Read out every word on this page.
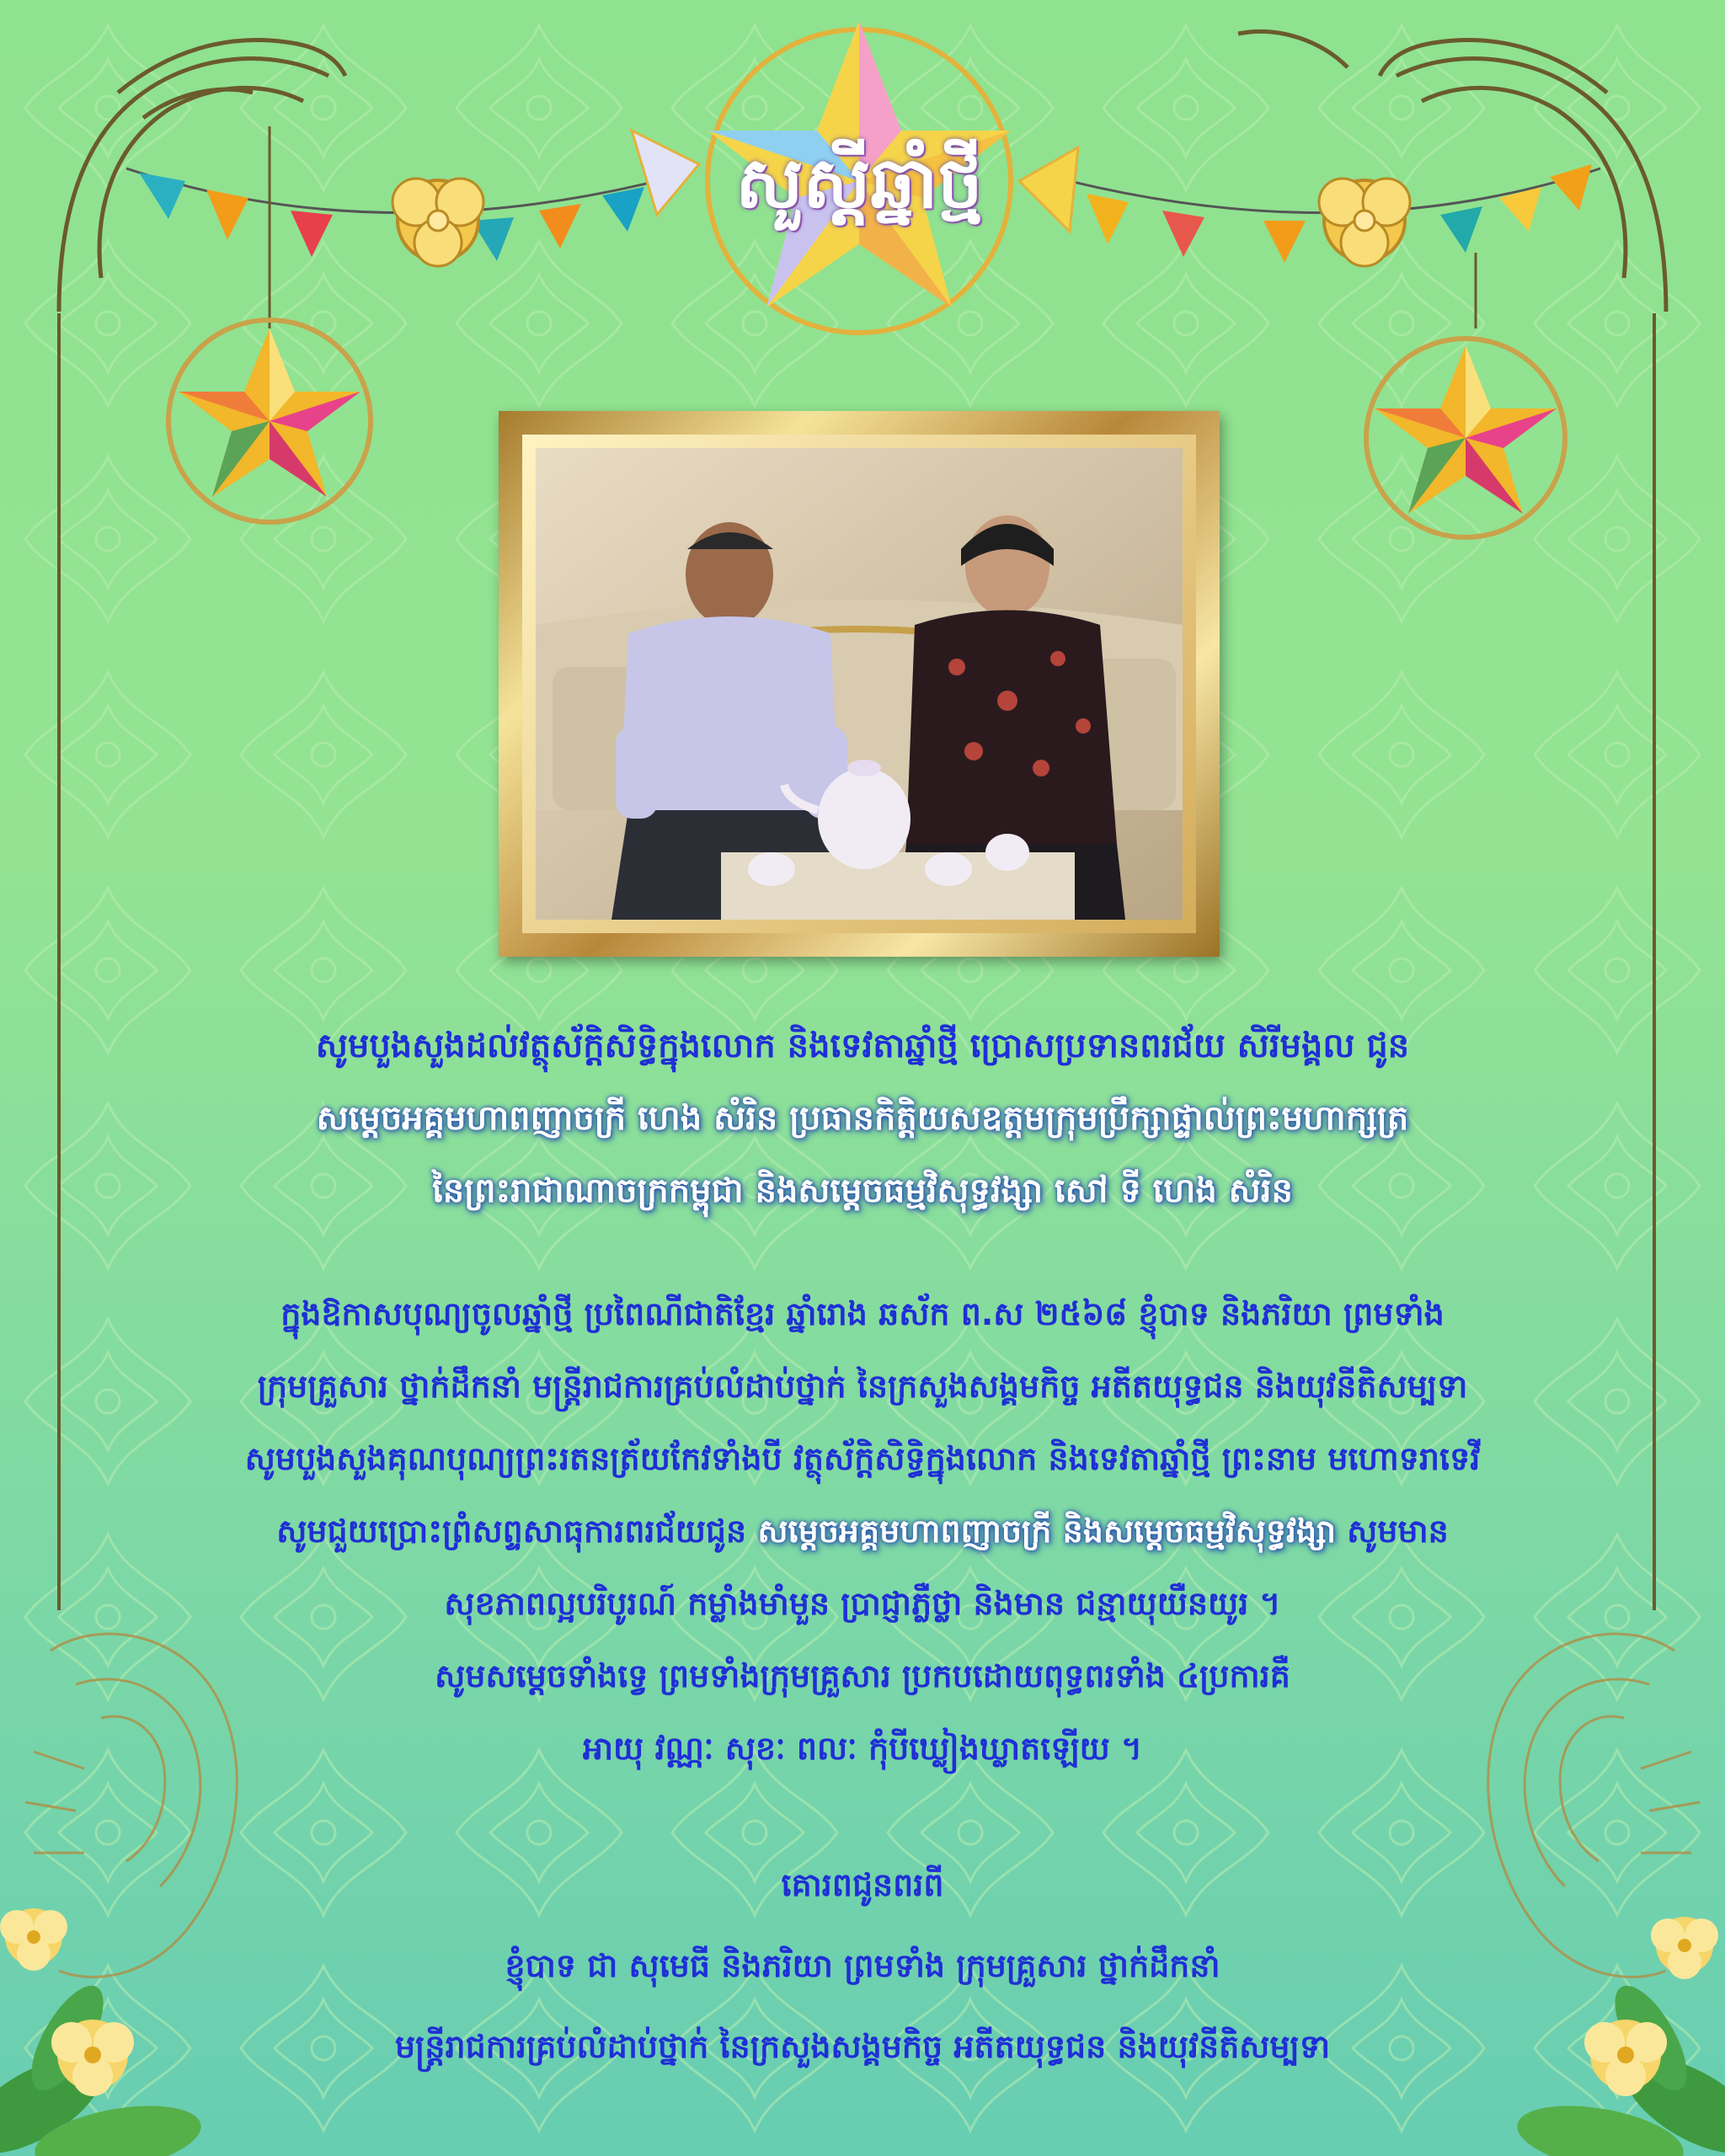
សួស្តីឆ្នាំថ្មី
សូមបួងសួងដល់វត្ថុស័ក្តិសិទ្ធិក្នុងលោក និងទេវតាឆ្នាំថ្មី ប្រោសប្រទានពរជ័យ សិរីមង្គល ជូន
សម្តេចអគ្គមហាពញាចក្រី ហេង សំរិន ប្រធានកិត្តិយសឧត្តមក្រុមប្រឹក្សាផ្ទាល់ព្រះមហាក្សត្រ
នៃព្រះរាជាណាចក្រកម្ពុជា និងសម្តេចធម្មវិសុទ្ធវង្សា សៅ ទី ហេង សំរិន
ក្នុងឱកាសបុណ្យចូលឆ្នាំថ្មី ប្រពៃណីជាតិខ្មែរ ឆ្នាំរោង ឆស័ក ព.ស ២៥៦៨ ខ្ញុំបាទ និងភរិយា ព្រមទាំង
ក្រុមគ្រួសារ ថ្នាក់ដឹកនាំ មន្ត្រីរាជការគ្រប់លំដាប់ថ្នាក់ នៃក្រសួងសង្គមកិច្ច អតីតយុទ្ធជន និងយុវនីតិសម្បទា
សូមបួងសួងគុណបុណ្យព្រះរតនត្រ័យកែវទាំងបី វត្ថុស័ក្តិសិទ្ធិក្នុងលោក និងទេវតាឆ្នាំថ្មី ព្រះនាម មហោទរាទេវី
សូមជួយប្រោះព្រំសព្ទសាធុការពរជ័យជូន សម្តេចអគ្គមហាពញាចក្រី និងសម្តេចធម្មវិសុទ្ធវង្សា សូមមាន
សុខភាពល្អបរិបូរណ៍ កម្លាំងមាំមួន ប្រាជ្ញាភ្លឺថ្លា និងមាន ជន្មាយុយឺនយូរ ។
សូមសម្តេចទាំងទ្វេ ព្រមទាំងក្រុមគ្រួសារ ប្រកបដោយពុទ្ធពរទាំង ៤ប្រការគឺ
អាយុ វណ្ណៈ សុខៈ ពលៈ កុំបីឃ្លៀងឃ្លាតឡើយ ។
គោរពជូនពរពី
ខ្ញុំបាទ ជា សុមេធី និងភរិយា ព្រមទាំង ក្រុមគ្រួសារ ថ្នាក់ដឹកនាំ
មន្ត្រីរាជការគ្រប់លំដាប់ថ្នាក់ នៃក្រសួងសង្គមកិច្ច អតីតយុទ្ធជន និងយុវនីតិសម្បទា
